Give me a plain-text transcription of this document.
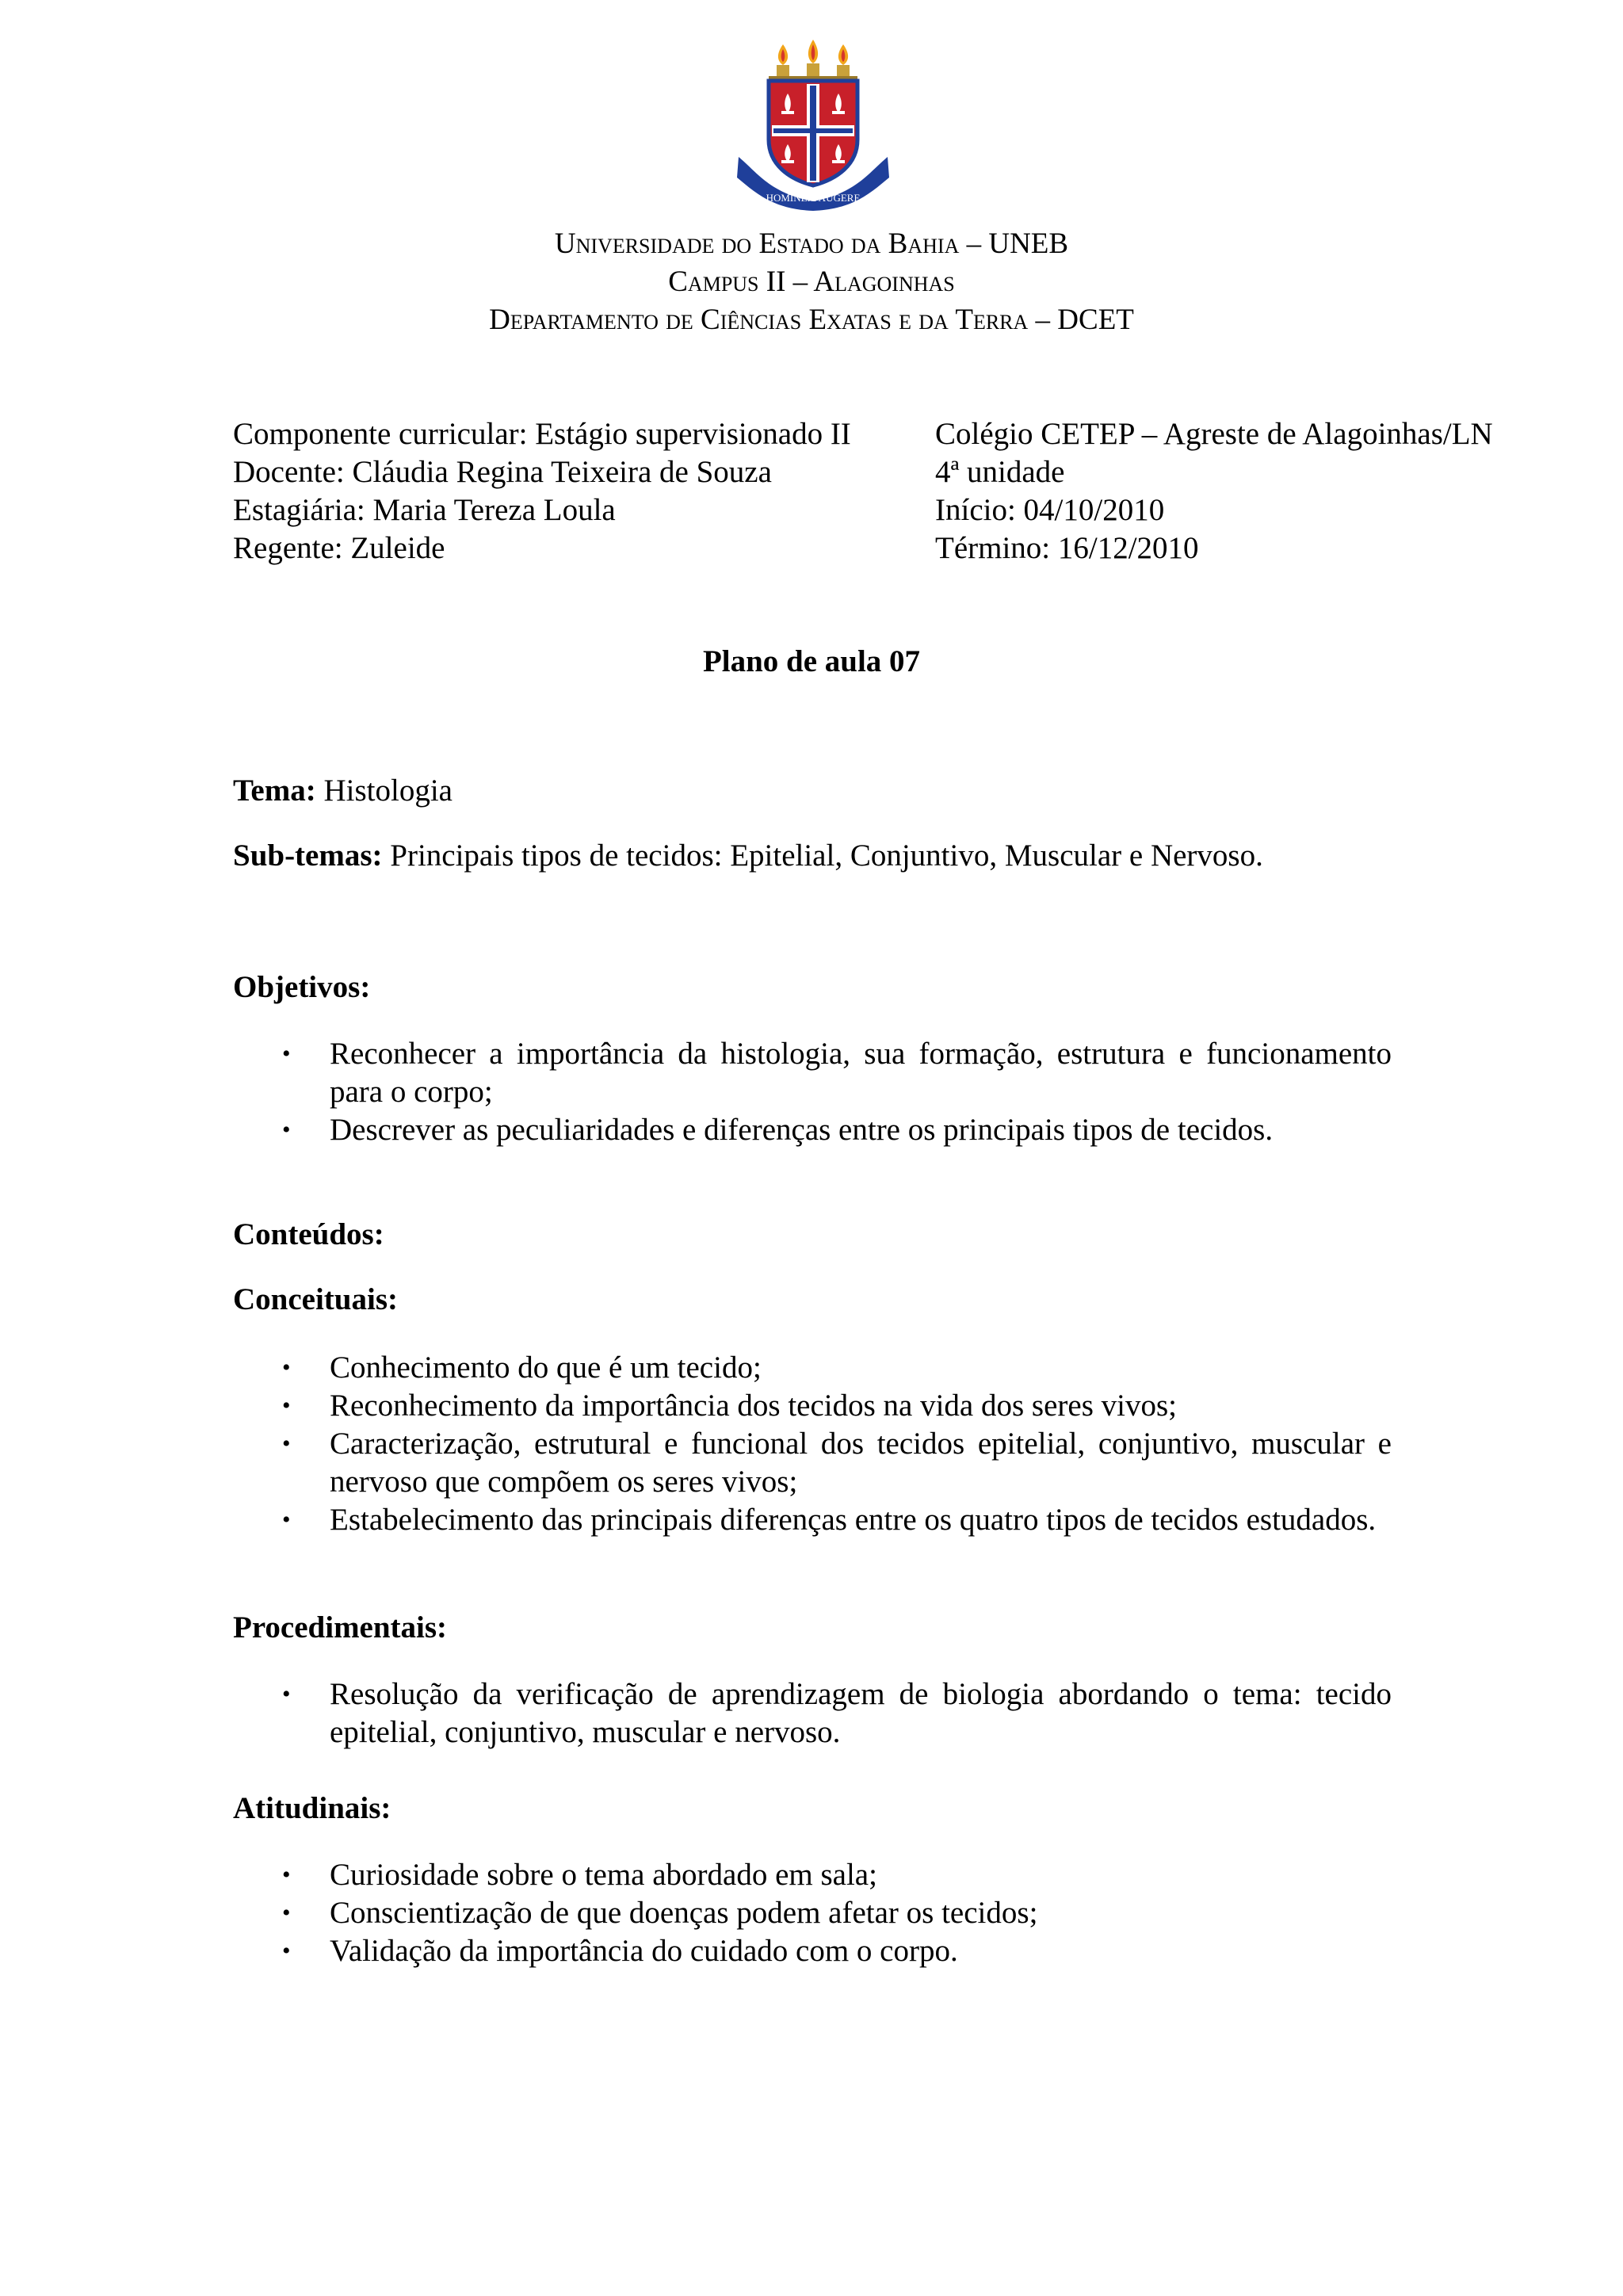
HOMINEM AUGERE
Universidade do Estado da Bahia – UNEB
Campus II – Alagoinhas
Departamento de Ciências Exatas e da Terra – DCET
Componente curricular: Estágio supervisionado II
Docente: Cláudia Regina Teixeira de Souza
Estagiária: Maria Tereza Loula
Regente: Zuleide
Colégio CETEP – Agreste de Alagoinhas/LN
4ª unidade
Início: 04/10/2010
Término: 16/12/2010
Plano de aula 07
Tema: Histologia
Sub-temas: Principais tipos de tecidos: Epitelial, Conjuntivo, Muscular e Nervoso.
Objetivos:
• Reconhecer a importância da histologia, sua formação, estrutura e funcionamento para o corpo;
• Descrever as peculiaridades e diferenças entre os principais tipos de tecidos.
Conteúdos:
Conceituais:
• Conhecimento do que é um tecido;
• Reconhecimento da importância dos tecidos na vida dos seres vivos;
• Caracterização, estrutural e funcional dos tecidos epitelial, conjuntivo, muscular e nervoso que compõem os seres vivos;
• Estabelecimento das principais diferenças entre os quatro tipos de tecidos estudados.
Procedimentais:
• Resolução da verificação de aprendizagem de biologia abordando o tema: tecido epitelial, conjuntivo, muscular e nervoso.
Atitudinais:
• Curiosidade sobre o tema abordado em sala;
• Conscientização de que doenças podem afetar os tecidos;
• Validação da importância do cuidado com o corpo.
